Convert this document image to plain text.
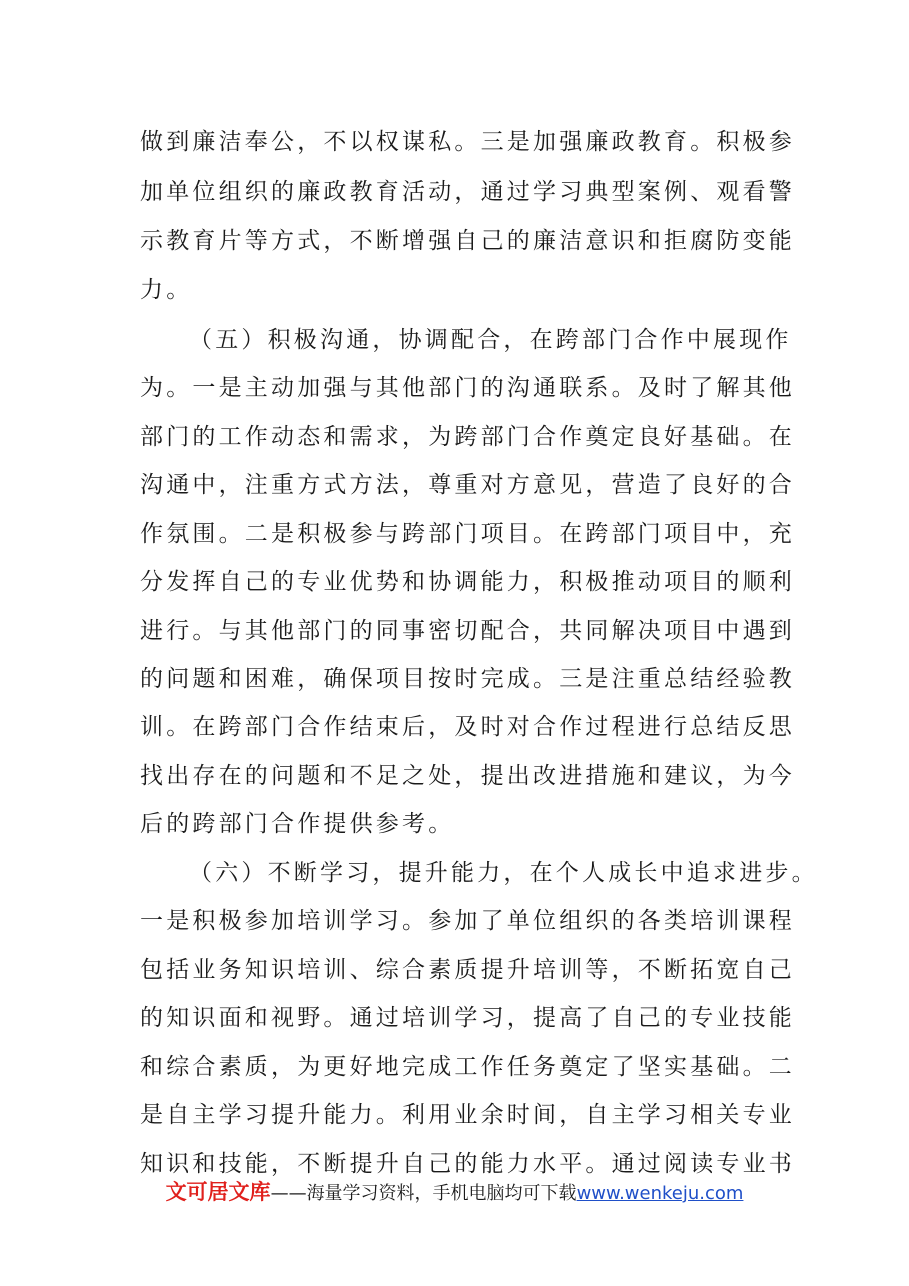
做到廉洁奉公，不以权谋私。三是加强廉政教育。积极参
加单位组织的廉政教育活动，通过学习典型案例、观看警
示教育片等方式，不断增强自己的廉洁意识和拒腐防变能
力。
（五）积极沟通，协调配合，在跨部门合作中展现作
为。一是主动加强与其他部门的沟通联系。及时了解其他
部门的工作动态和需求，为跨部门合作奠定良好基础。在
沟通中，注重方式方法，尊重对方意见，营造了良好的合
作氛围。二是积极参与跨部门项目。在跨部门项目中，充
分发挥自己的专业优势和协调能力，积极推动项目的顺利
进行。与其他部门的同事密切配合，共同解决项目中遇到
的问题和困难，确保项目按时完成。三是注重总结经验教
训。在跨部门合作结束后，及时对合作过程进行总结反思
找出存在的问题和不足之处，提出改进措施和建议，为今
后的跨部门合作提供参考。
（六）不断学习，提升能力，在个人成长中追求进步。
一是积极参加培训学习。参加了单位组织的各类培训课程
包括业务知识培训、综合素质提升培训等，不断拓宽自己
的知识面和视野。通过培训学习，提高了自己的专业技能
和综合素质，为更好地完成工作任务奠定了坚实基础。二
是自主学习提升能力。利用业余时间，自主学习相关专业
知识和技能，不断提升自己的能力水平。通过阅读专业书
文可居文库——海量学习资料，手机电脑均可下载www.wenkeju.com
